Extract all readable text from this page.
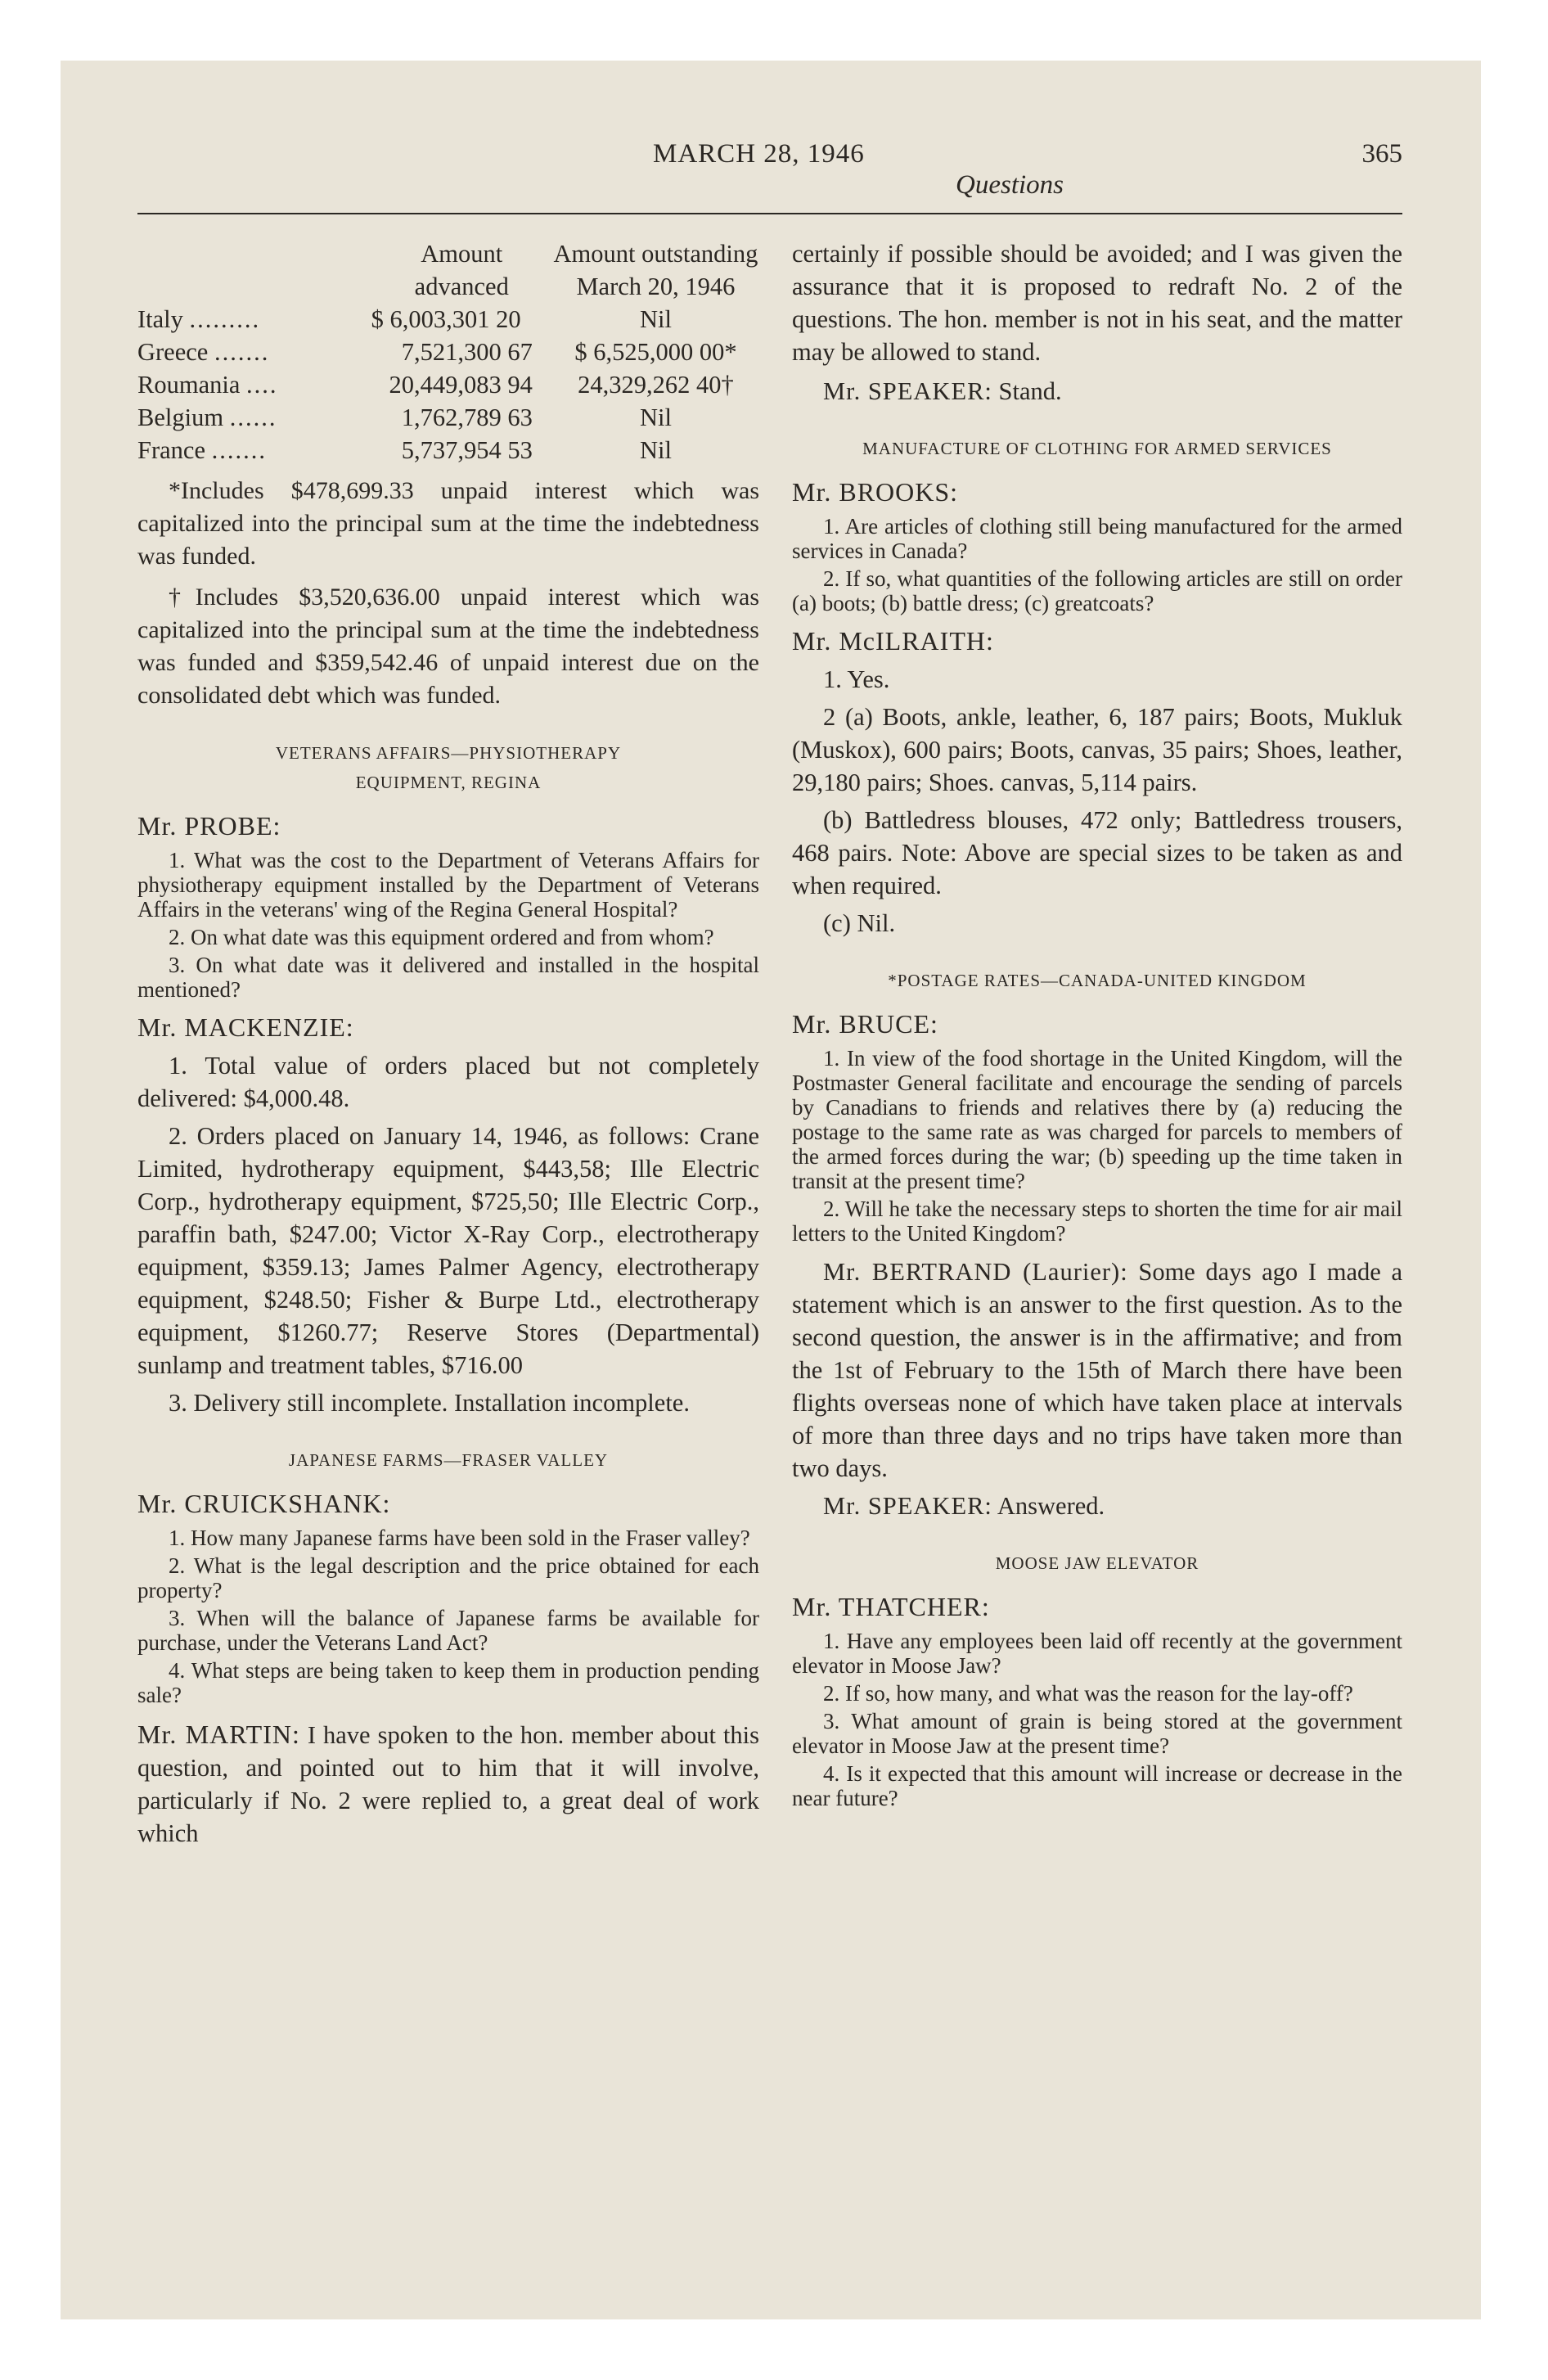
MARCH 28, 1946	365
Questions
	Amount advanced	Amount outstanding March 20, 1946
Italy .........	$ 6,003,301 20	Nil
Greece .......	7,521,300 67	$ 6,525,000 00*
Roumania ....	20,449,083 94	24,329,262 40†
Belgium ......	1,762,789 63	Nil
France .......	5,737,954 53	Nil

*Includes $478,699.33 unpaid interest which was capitalized into the principal sum at the time the indebtedness was funded.

†Includes $3,520,636.00 unpaid interest which was capitalized into the principal sum at the time the indebtedness was funded and $359,542.46 of unpaid interest due on the consolidated debt which was funded.

VETERANS AFFAIRS—PHYSIOTHERAPY
EQUIPMENT, REGINA
Mr. PROBE:

1. What was the cost to the Department of Veterans Affairs for physiotherapy equipment installed by the Department of Veterans Affairs in the veterans' wing of the Regina General Hospital?

2. On what date was this equipment ordered and from whom?

3. On what date was it delivered and installed in the hospital mentioned?

Mr. MACKENZIE:

1. Total value of orders placed but not completely delivered: $4,000.48.

2. Orders placed on January 14, 1946, as follows: Crane Limited, hydrotherapy equipment, $443,58; Ille Electric Corp., hydrotherapy equipment, $725,50; Ille Electric Corp., paraffin bath, $247.00; Victor X-Ray Corp., electrotherapy equipment, $359.13; James Palmer Agency, electrotherapy equipment, $248.50; Fisher & Burpe Ltd., electrotherapy equipment, $1260.77; Reserve Stores (Departmental) sunlamp and treatment tables, $716.00

3. Delivery still incomplete. Installation incomplete.

JAPANESE FARMS—FRASER VALLEY
Mr. CRUICKSHANK:

1. How many Japanese farms have been sold in the Fraser valley?

2. What is the legal description and the price obtained for each property?

3. When will the balance of Japanese farms be available for purchase, under the Veterans Land Act?

4. What steps are being taken to keep them in production pending sale?

Mr. MARTIN: I have spoken to the hon. member about this question, and pointed out to him that it will involve, particularly if No. 2 were replied to, a great deal of work which

certainly if possible should be avoided; and I was given the assurance that it is proposed to redraft No. 2 of the questions. The hon. member is not in his seat, and the matter may be allowed to stand.

Mr. SPEAKER: Stand.

MANUFACTURE OF CLOTHING FOR ARMED SERVICES
Mr. BROOKS:

1. Are articles of clothing still being manufactured for the armed services in Canada?

2. If so, what quantities of the following articles are still on order (a) boots; (b) battle dress; (c) greatcoats?

Mr. McILRAITH:

1. Yes.

2 (a) Boots, ankle, leather, 6, 187 pairs; Boots, Mukluk (Muskox), 600 pairs; Boots, canvas, 35 pairs; Shoes, leather, 29,180 pairs; Shoes. canvas, 5,114 pairs.

(b) Battledress blouses, 472 only; Battledress trousers, 468 pairs. Note: Above are special sizes to be taken as and when required.

(c) Nil.

*POSTAGE RATES—CANADA-UNITED KINGDOM
Mr. BRUCE:

1. In view of the food shortage in the United Kingdom, will the Postmaster General facilitate and encourage the sending of parcels by Canadians to friends and relatives there by (a) reducing the postage to the same rate as was charged for parcels to members of the armed forces during the war; (b) speeding up the time taken in transit at the present time?

2. Will he take the necessary steps to shorten the time for air mail letters to the United Kingdom?

Mr. BERTRAND (Laurier): Some days ago I made a statement which is an answer to the first question. As to the second question, the answer is in the affirmative; and from the 1st of February to the 15th of March there have been flights overseas none of which have taken place at intervals of more than three days and no trips have taken more than two days.

Mr. SPEAKER: Answered.

MOOSE JAW ELEVATOR
Mr. THATCHER:

1. Have any employees been laid off recently at the government elevator in Moose Jaw?

2. If so, how many, and what was the reason for the lay-off?

3. What amount of grain is being stored at the government elevator in Moose Jaw at the present time?

4. Is it expected that this amount will increase or decrease in the near future?
